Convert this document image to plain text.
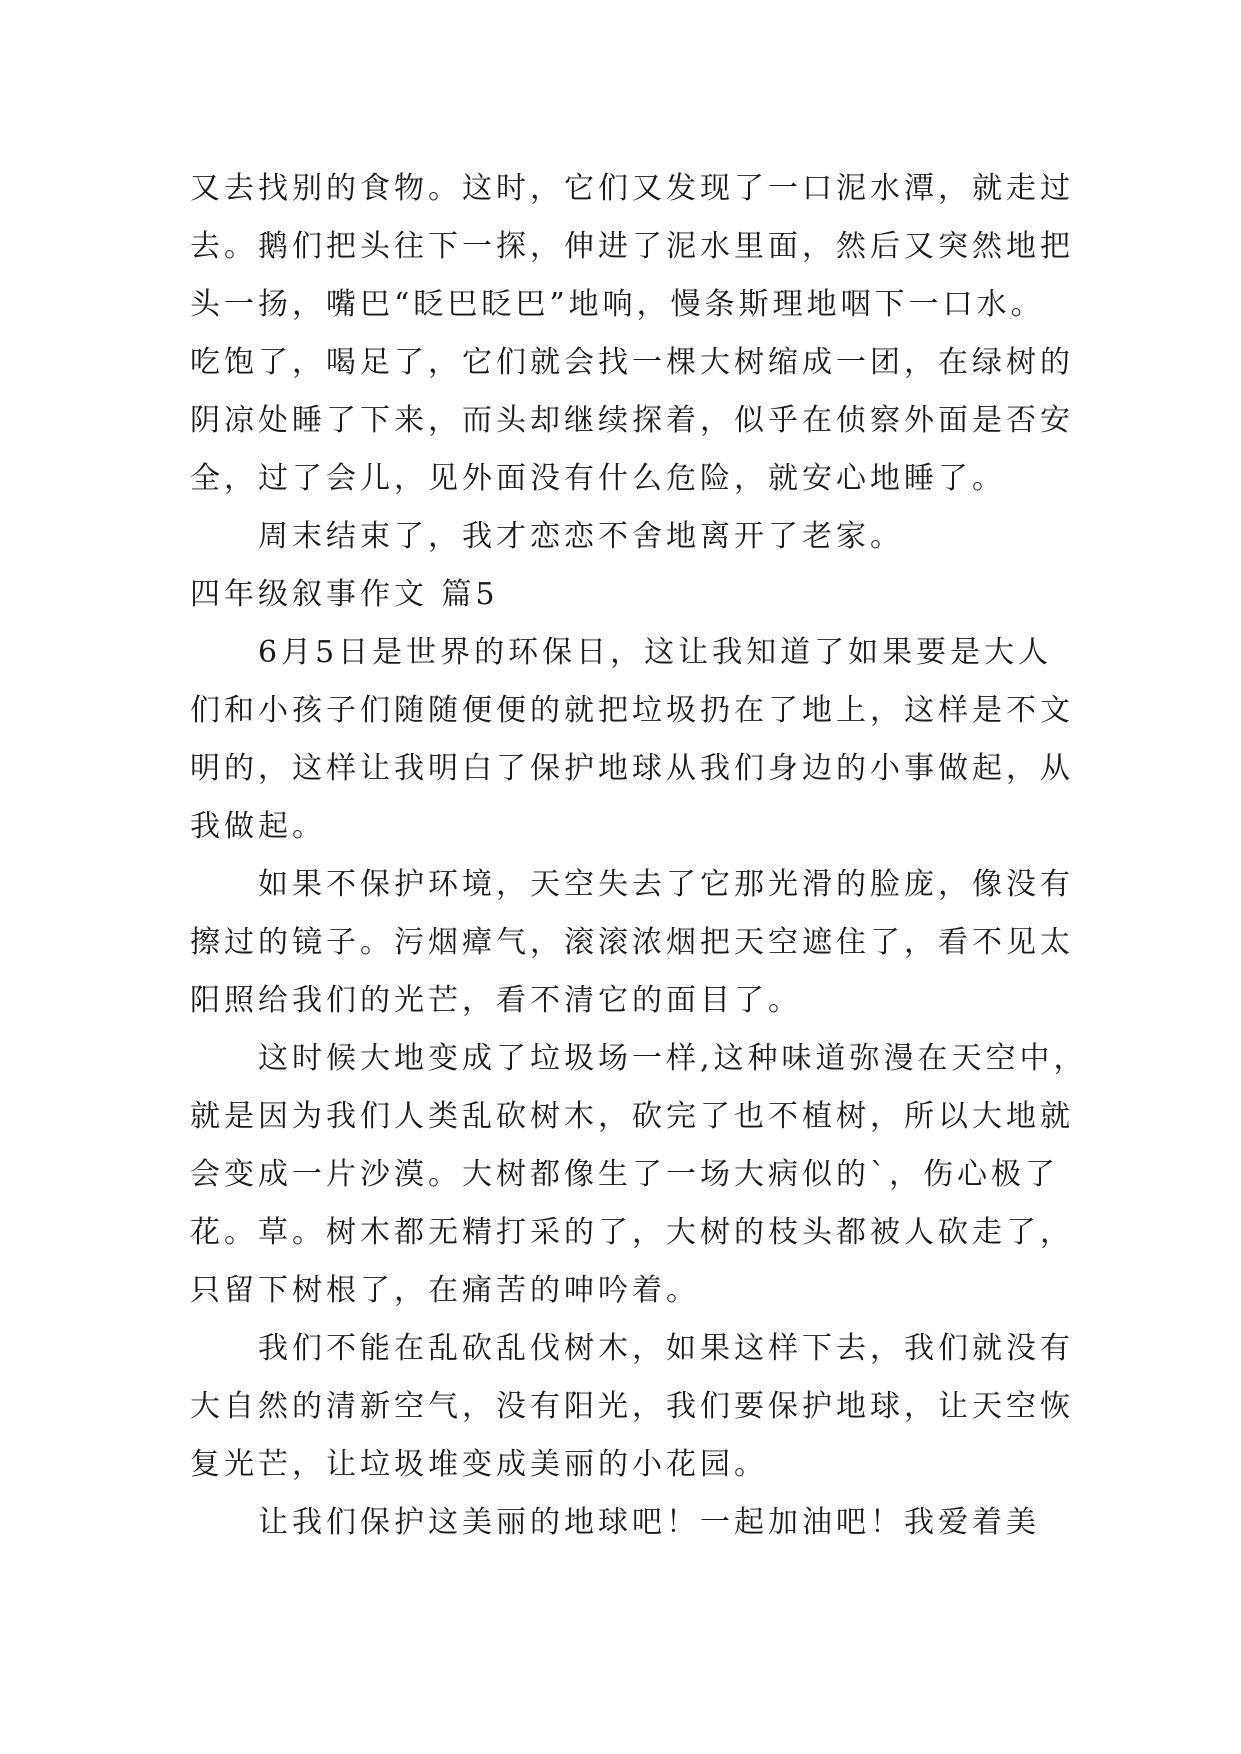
又去找别的食物。这时，它们又发现了一口泥水潭，就走过
去。鹅们把头往下一探，伸进了泥水里面，然后又突然地把
头一扬，嘴巴“眨巴眨巴”地响，慢条斯理地咽下一口水。
吃饱了，喝足了，它们就会找一棵大树缩成一团，在绿树的
阴凉处睡了下来，而头却继续探着，似乎在侦察外面是否安
全，过了会儿，见外面没有什么危险，就安心地睡了。
　　周末结束了，我才恋恋不舍地离开了老家。
四年级叙事作文 篇5
　　6月5日是世界的环保日，这让我知道了如果要是大人
们和小孩子们随随便便的就把垃圾扔在了地上，这样是不文
明的，这样让我明白了保护地球从我们身边的小事做起，从
我做起。
　　如果不保护环境，天空失去了它那光滑的脸庞，像没有
擦过的镜子。污烟瘴气，滚滚浓烟把天空遮住了，看不见太
阳照给我们的光芒，看不清它的面目了。
　　这时候大地变成了垃圾场一样,这种味道弥漫在天空中，
就是因为我们人类乱砍树木，砍完了也不植树，所以大地就
会变成一片沙漠。大树都像生了一场大病似的`，伤心极了
花。草。树木都无精打采的了，大树的枝头都被人砍走了，
只留下树根了，在痛苦的呻吟着。
　　我们不能在乱砍乱伐树木，如果这样下去，我们就没有
大自然的清新空气，没有阳光，我们要保护地球，让天空恢
复光芒，让垃圾堆变成美丽的小花园。
　　让我们保护这美丽的地球吧！一起加油吧！我爱着美
